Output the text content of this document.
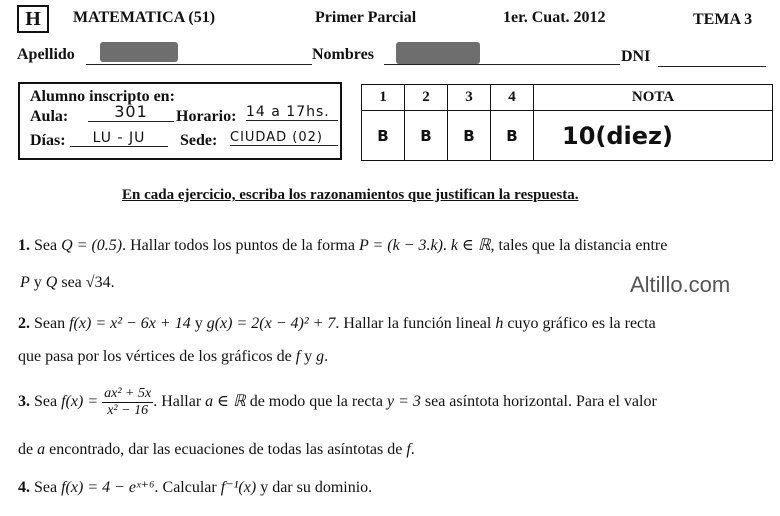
H	MATEMATICA (51)	Primer Parcial	1er. Cuat. 2012	TEMA 3
Apellido	Nombres	DNI
Alumno inscripto en:
Aula:	301	Horario: 14 a 17hs.
Días:	LU - JU	Sede: CIUDAD (02)
1	2	3	4	NOTA
B	B	B	B	10(diez)
En cada ejercicio, escriba los razonamientos que justifican la respuesta.
Altillo.com
1. Sea Q = (0.5). Hallar todos los puntos de la forma P = (k − 3.k). k ∈ ℝ, tales que la distancia entre
P y Q sea √34.
2. Sean f(x) = x² − 6x + 14 y g(x) = 2(x − 4)² + 7. Hallar la función lineal h cuyo gráfico es la recta
que pasa por los vértices de los gráficos de f y g.
3. Sea $f(x) = \frac{\text{ax² + 5x}}{\text{x² − 16}}$ . Hallar a ∈ ℝ de modo que la recta y = 3 sea asíntota horizontal. Para el valor
de a encontrado, dar las ecuaciones de todas las asíntotas de f.
4. Sea f(x) = 4 − eˣ⁺⁶. Calcular f⁻¹(x) y dar su dominio.
